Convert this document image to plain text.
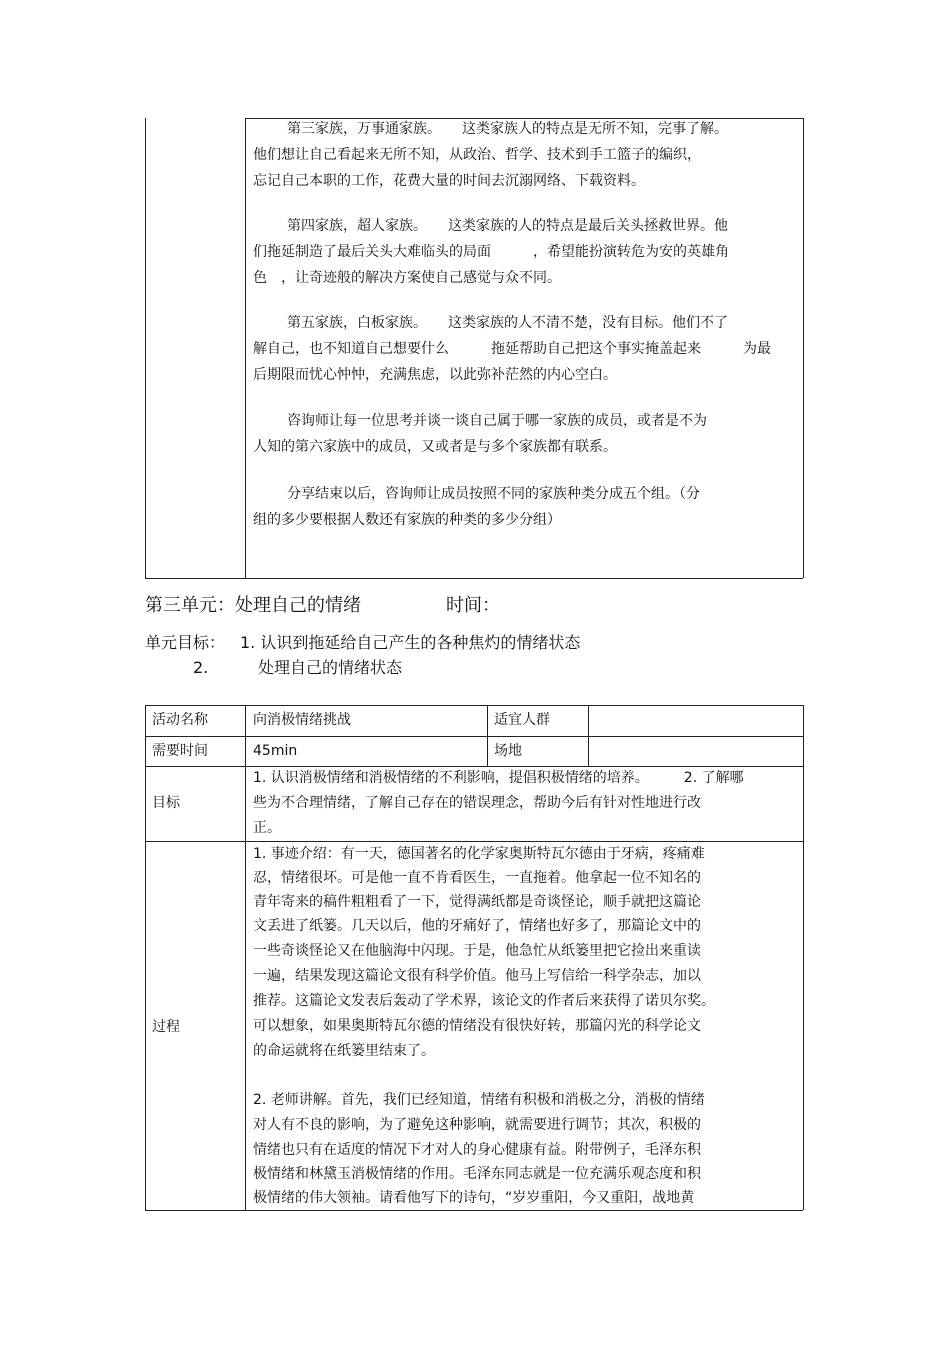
第三家族，万事通家族。　　这类家族人的特点是无所不知，完事了解。
他们想让自己看起来无所不知，从政治、哲学、技术到手工篮子的编织，
忘记自己本职的工作，花费大量的时间去沉溺网络、下载资料。
第四家族，超人家族。　　这类家族的人的特点是最后关头拯救世界。他
们拖延制造了最后关头大难临头的局面　　　，希望能扮演转危为安的英雄角
色　，让奇迹般的解决方案使自己感觉与众不同。
第五家族，白板家族。　　这类家族的人不清不楚，没有目标。他们不了
解自己，也不知道自己想要什么　　　拖延帮助自己把这个事实掩盖起来　　　为最
后期限而忧心忡忡，充满焦虑，以此弥补茫然的内心空白。
咨询师让每一位思考并谈一谈自己属于哪一家族的成员，或者是不为
人知的第六家族中的成员，又或者是与多个家族都有联系。
分享结束以后，咨询师让成员按照不同的家族种类分成五个组。（分
组的多少要根据人数还有家族的种类的多少分组）
第三单元：处理自己的情绪	时间：
单元目标： 1. 认识到拖延给自己产生的各种焦灼的情绪状态
2.	处理自己的情绪状态
活动名称	向消极情绪挑战	适宜人群
需要时间	45min	场地
目标
1. 认识消极情绪和消极情绪的不利影响，提倡积极情绪的培养。　　　2. 了解哪
些为不合理情绪，了解自己存在的错误理念，帮助今后有针对性地进行改
正。
过程
1. 事迹介绍：有一天，德国著名的化学家奥斯特瓦尔德由于牙病，疼痛难
忍，情绪很坏。可是他一直不肯看医生，一直拖着。他拿起一位不知名的
青年寄来的稿件粗粗看了一下，觉得满纸都是奇谈怪论，顺手就把这篇论
文丢进了纸篓。几天以后，他的牙痛好了，情绪也好多了，那篇论文中的
一些奇谈怪论又在他脑海中闪现。于是，他急忙从纸篓里把它捡出来重读
一遍，结果发现这篇论文很有科学价值。他马上写信给一科学杂志，加以
推荐。这篇论文发表后轰动了学术界，该论文的作者后来获得了诺贝尔奖。
可以想象，如果奥斯特瓦尔德的情绪没有很快好转，那篇闪光的科学论文
的命运就将在纸篓里结束了。
2. 老师讲解。首先，我们已经知道，情绪有积极和消极之分，消极的情绪
对人有不良的影响，为了避免这种影响，就需要进行调节；其次，积极的
情绪也只有在适度的情况下才对人的身心健康有益。附带例子，毛泽东积
极情绪和林黛玉消极情绪的作用。毛泽东同志就是一位充满乐观态度和积
极情绪的伟大领袖。请看他写下的诗句，“岁岁重阳，今又重阳，战地黄
